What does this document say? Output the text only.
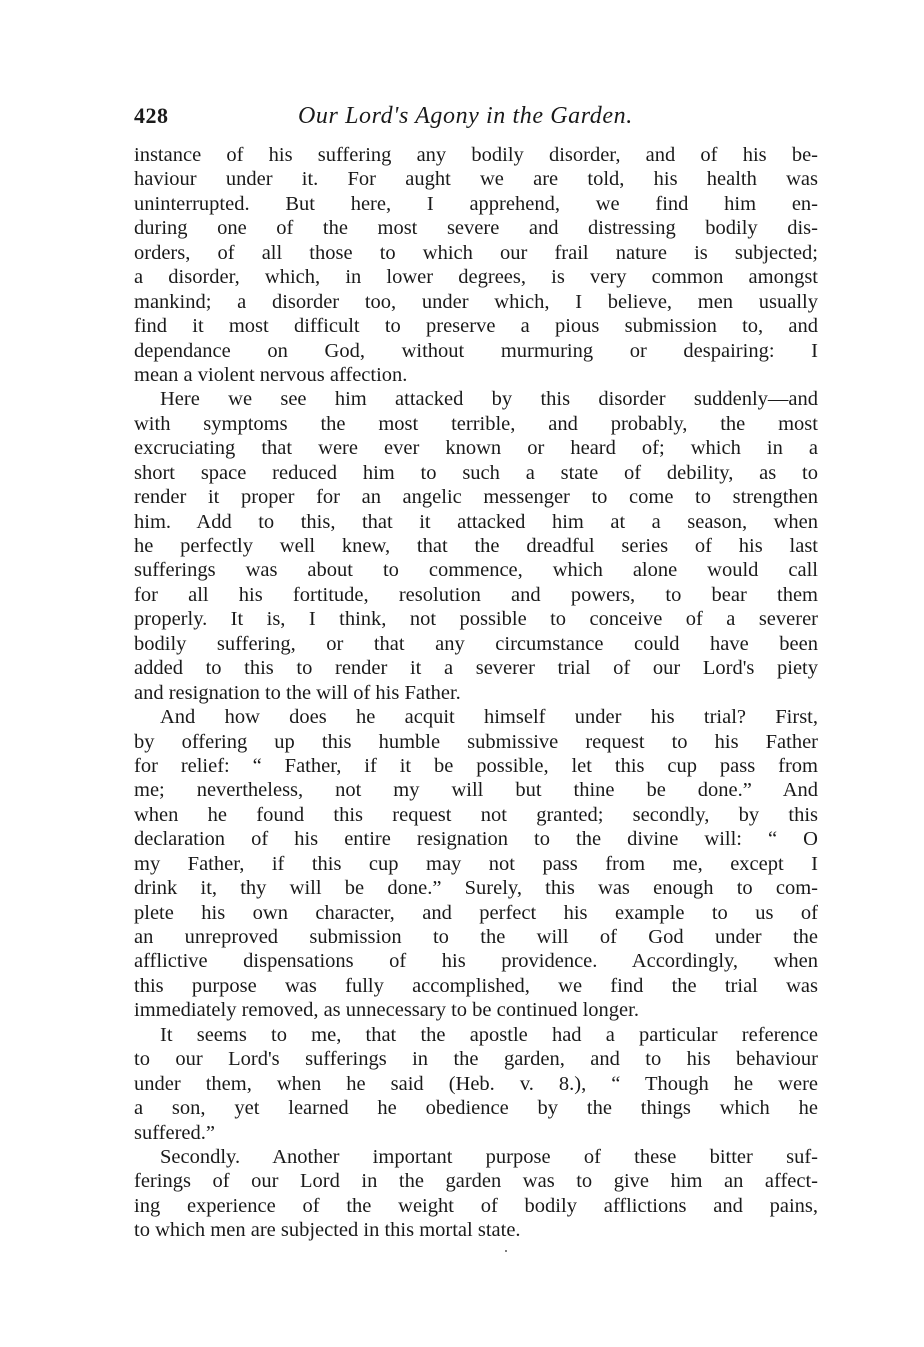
428	Our Lord's Agony in the Garden.
instance of his suffering any bodily disorder, and of his be-
haviour under it. For aught we are told, his health was
uninterrupted. But here, I apprehend, we find him en-
during one of the most severe and distressing bodily dis-
orders, of all those to which our frail nature is subjected;
a disorder, which, in lower degrees, is very common amongst
mankind; a disorder too, under which, I believe, men usually
find it most difficult to preserve a pious submission to, and
dependance on God, without murmuring or despairing: I
mean a violent nervous affection.
Here we see him attacked by this disorder suddenly—and
with symptoms the most terrible, and probably, the most
excruciating that were ever known or heard of; which in a
short space reduced him to such a state of debility, as to
render it proper for an angelic messenger to come to strengthen
him. Add to this, that it attacked him at a season, when
he perfectly well knew, that the dreadful series of his last
sufferings was about to commence, which alone would call
for all his fortitude, resolution and powers, to bear them
properly. It is, I think, not possible to conceive of a severer
bodily suffering, or that any circumstance could have been
added to this to render it a severer trial of our Lord's piety
and resignation to the will of his Father.
And how does he acquit himself under his trial? First,
by offering up this humble submissive request to his Father
for relief: “ Father, if it be possible, let this cup pass from
me; nevertheless, not my will but thine be done.” And
when he found this request not granted; secondly, by this
declaration of his entire resignation to the divine will: “ O
my Father, if this cup may not pass from me, except I
drink it, thy will be done.” Surely, this was enough to com-
plete his own character, and perfect his example to us of
an unreproved submission to the will of God under the
afflictive dispensations of his providence. Accordingly, when
this purpose was fully accomplished, we find the trial was
immediately removed, as unnecessary to be continued longer.
It seems to me, that the apostle had a particular reference
to our Lord's sufferings in the garden, and to his behaviour
under them, when he said (Heb. v. 8.), “ Though he were
a son, yet learned he obedience by the things which he
suffered.”
Secondly. Another important purpose of these bitter suf-
ferings of our Lord in the garden was to give him an affect-
ing experience of the weight of bodily afflictions and pains,
to which men are subjected in this mortal state.
